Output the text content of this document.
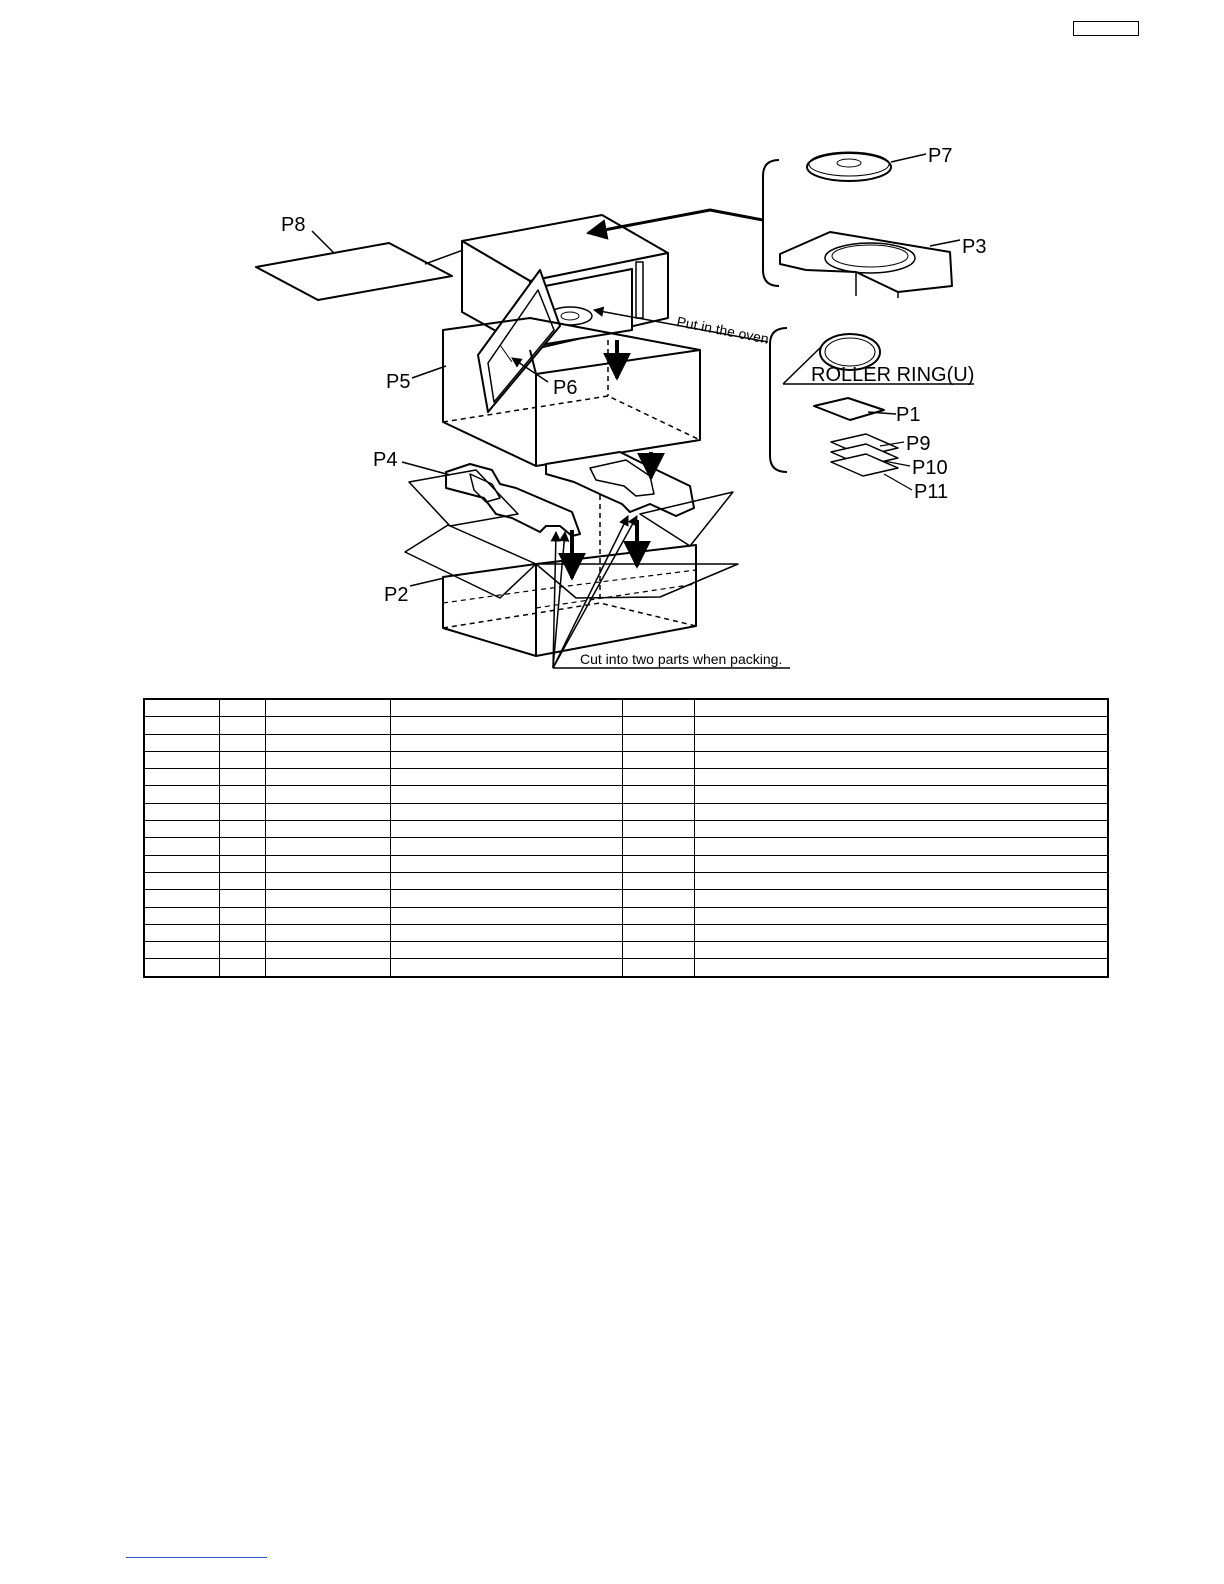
P8
P5	P6
P4
P2
P7
P3
ROLLER RING(U)
P1
P9
P10
P11
Put in the oven.
Cut into two parts when packing.
